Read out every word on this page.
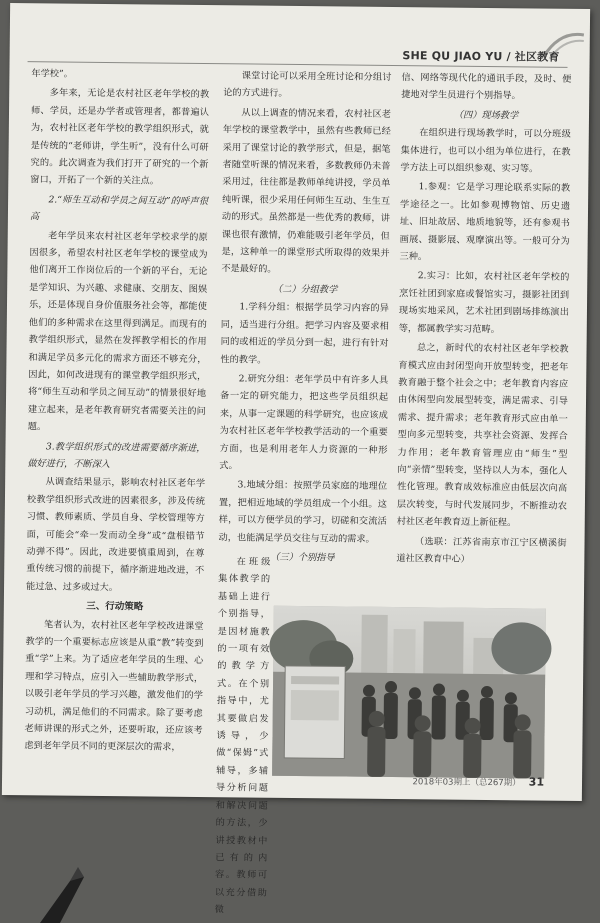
SHE QU JIAO YU / 社区教育

年学校”。

多年来，无论是农村社区老年学校的教师、学员，还是办学者或管理者，都普遍认为，农村社区老年学校的教学组织形式，就是传统的“老师讲，学生听”，没有什么可研究的。此次调查为我们打开了研究的一个新窗口，开拓了一个新的关注点。

2.“师生互动和学员之间互动”的呼声很高

老年学员来农村社区老年学校求学的原因很多，希望农村社区老年学校的课堂成为他们离开工作岗位后的一个新的平台，无论是学知识、为兴趣、求健康、交朋友、图娱乐，还是体现自身价值服务社会等，都能使他们的多种需求在这里得到满足。而现有的教学组织形式，显然在发挥教学相长的作用和满足学员多元化的需求方面还不够充分，因此，如何改进现有的课堂教学组织形式，将“师生互动和学员之间互动”的情景很好地建立起来，是老年教育研究者需要关注的问题。

3.教学组织形式的改进需要循序渐进，做好进行，不断深入

从调查结果显示，影响农村社区老年学校教学组织形式改进的因素很多，涉及传统习惯、教师素质、学员自身、学校管理等方面，可能会“牵一发而动全身”或“盘根错节动弹不得”。因此，改进要慎重周到，在尊重传统习惯的前提下，循序渐进地改进，不能过急、过多或过大。

三、行动策略

笔者认为，农村社区老年学校改进课堂教学的一个重要标志应该是从重“教”转变到重“学”上来。为了适应老年学员的生理、心理和学习特点，应引入一些辅助教学形式，以吸引老年学员的学习兴趣，激发他们的学习动机，满足他们的不同需求。除了要考虑老师讲课的形式之外，还要听取，还应该考虑到老年学员不同的更深层次的需求，

课堂讨论可以采用全班讨论和分组讨论的方式进行。

从以上调查的情况来看，农村社区老年学校的课堂教学中，虽然有些教师已经采用了课堂讨论的教学形式，但是，据笔者随堂听课的情况来看，多数教师仍未普采用过，往往都是教师单纯讲授，学员单纯听课，很少采用任何师生互动、生生互动的形式。虽然都是一些优秀的教师，讲课也很有激情，仍难能吸引老年学员，但是，这种单一的课堂形式所取得的效果并不是最好的。

（二）分组教学

1.学科分组：根据学员学习内容的异同，适当进行分组。把学习内容及要求相同的或相近的学员分到一起，进行有针对性的教学。

2.研究分组：老年学员中有许多人具备一定的研究能力，把这些学员组织起来，从事一定课题的科学研究，也应该成为农村社区老年学校教学活动的一个重要方面，也是利用老年人力资源的一种形式。

3.地域分组：按照学员家庭的地理位置，把相近地域的学员组成一个小组。这样，可以方便学员的学习，切磋和交流活动，也能满足学员交往与互动的需求。

（三）个别指导

在班级集体教学的基础上进行个别指导，是因材施教的一项有效的教学方式。在个别指导中，尤其要做启发诱导，少做“保姆”式辅导，多辅导分析问题和解决问题的方法，少讲授教材中已有的内容。教师可以充分借助微

信、网络等现代化的通讯手段，及时、便捷地对学生员进行个别指导。

（四）现场教学

在组织进行现场教学时，可以分班级集体进行，也可以小组为单位进行，在教学方法上可以组织参观、实习等。

1.参观：它是学习理论联系实际的教学途径之一。比如参观博物馆、历史遗址、旧址故居、地质地貌等，还有参观书画展、摄影展、观摩演出等。一般可分为三种。

2.实习：比如，农村社区老年学校的烹饪社团到家庭或餐馆实习，摄影社团到现场实地采风，艺术社团到剧场排练演出等，都属教学实习范畴。

总之，新时代的农村社区老年学校教育模式应由封闭型向开放型转变，把老年教育融于整个社会之中；老年教育内容应由休闲型向发展型转变，满足需求、引导需求、提升需求；老年教育形式应由单一型向多元型转变，共享社会资源、发挥合力作用；老年教育管理应由“师生”型向“亲情”型转变，坚持以人为本，强化人性化管理。教育成效标准应由低层次向高层次转变，与时代发展同步，不断推动农村社区老年教育迈上新征程。

（选联：江苏省南京市江宁区横溪街道社区教育中心）

2018年03期上（总267期） 31
